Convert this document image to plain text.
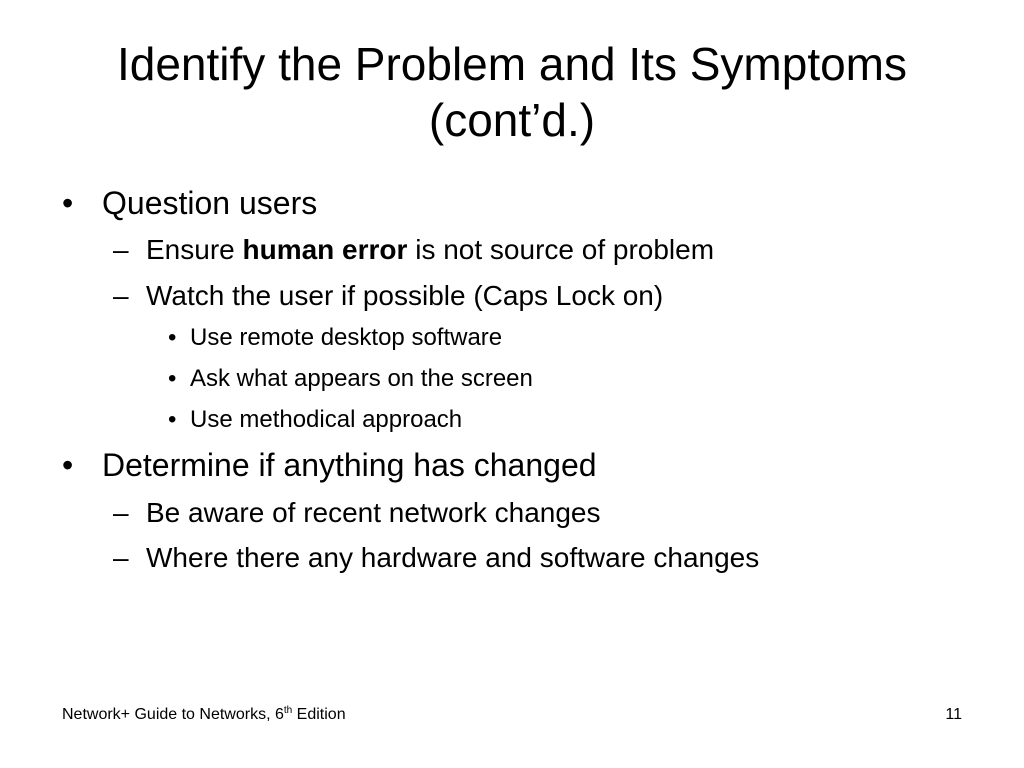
Identify the Problem and Its Symptoms
(cont’d.)
• Question users
– Ensure human error is not source of problem
– Watch the user if possible (Caps Lock on)
• Use remote desktop software
• Ask what appears on the screen
• Use methodical approach
• Determine if anything has changed
– Be aware of recent network changes
– Where there any hardware and software changes
Network+ Guide to Networks, 6th Edition	11
